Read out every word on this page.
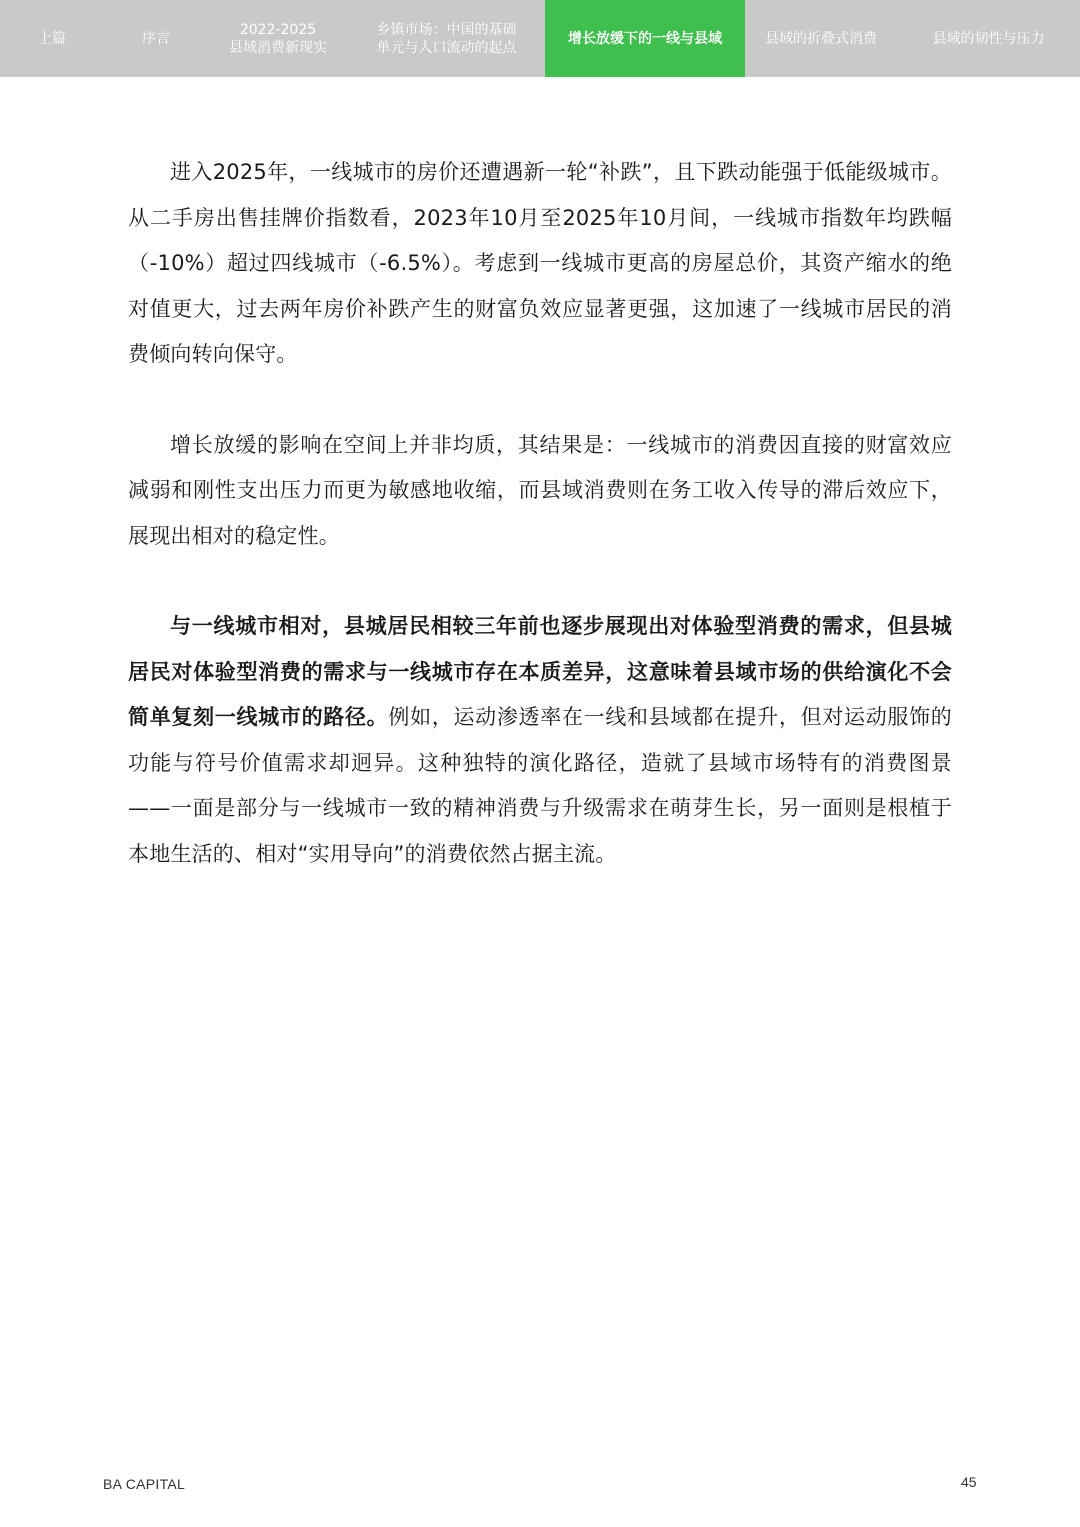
上篇	序言
2022-2025
县域消费新现实
乡镇市场：中国的基础
单元与人口流动的起点
增长放缓下的一线与县域	县域的折叠式消费	县域的韧性与压力

进入2025年，一线城市的房价还遭遇新一轮“补跌”，且下跌动能强于低能级城市。从二手房出售挂牌价指数看，2023年10月至2025年10月间，一线城市指数年均跌幅（-10%）超过四线城市（-6.5%）。考虑到一线城市更高的房屋总价，其资产缩水的绝对值更大，过去两年房价补跌产生的财富负效应显著更强，这加速了一线城市居民的消费倾向转向保守。

增长放缓的影响在空间上并非均质，其结果是：一线城市的消费因直接的财富效应减弱和刚性支出压力而更为敏感地收缩，而县域消费则在务工收入传导的滞后效应下，展现出相对的稳定性。

与一线城市相对，县城居民相较三年前也逐步展现出对体验型消费的需求，但县城居民对体验型消费的需求与一线城市存在本质差异，这意味着县域市场的供给演化不会简单复刻一线城市的路径。例如，运动渗透率在一线和县域都在提升，但对运动服饰的功能与符号价值需求却迥异。这种独特的演化路径，造就了县域市场特有的消费图景——一面是部分与一线城市一致的精神消费与升级需求在萌芽生长，另一面则是根植于本地生活的、相对“实用导向”的消费依然占据主流。

BA CAPITAL	45
